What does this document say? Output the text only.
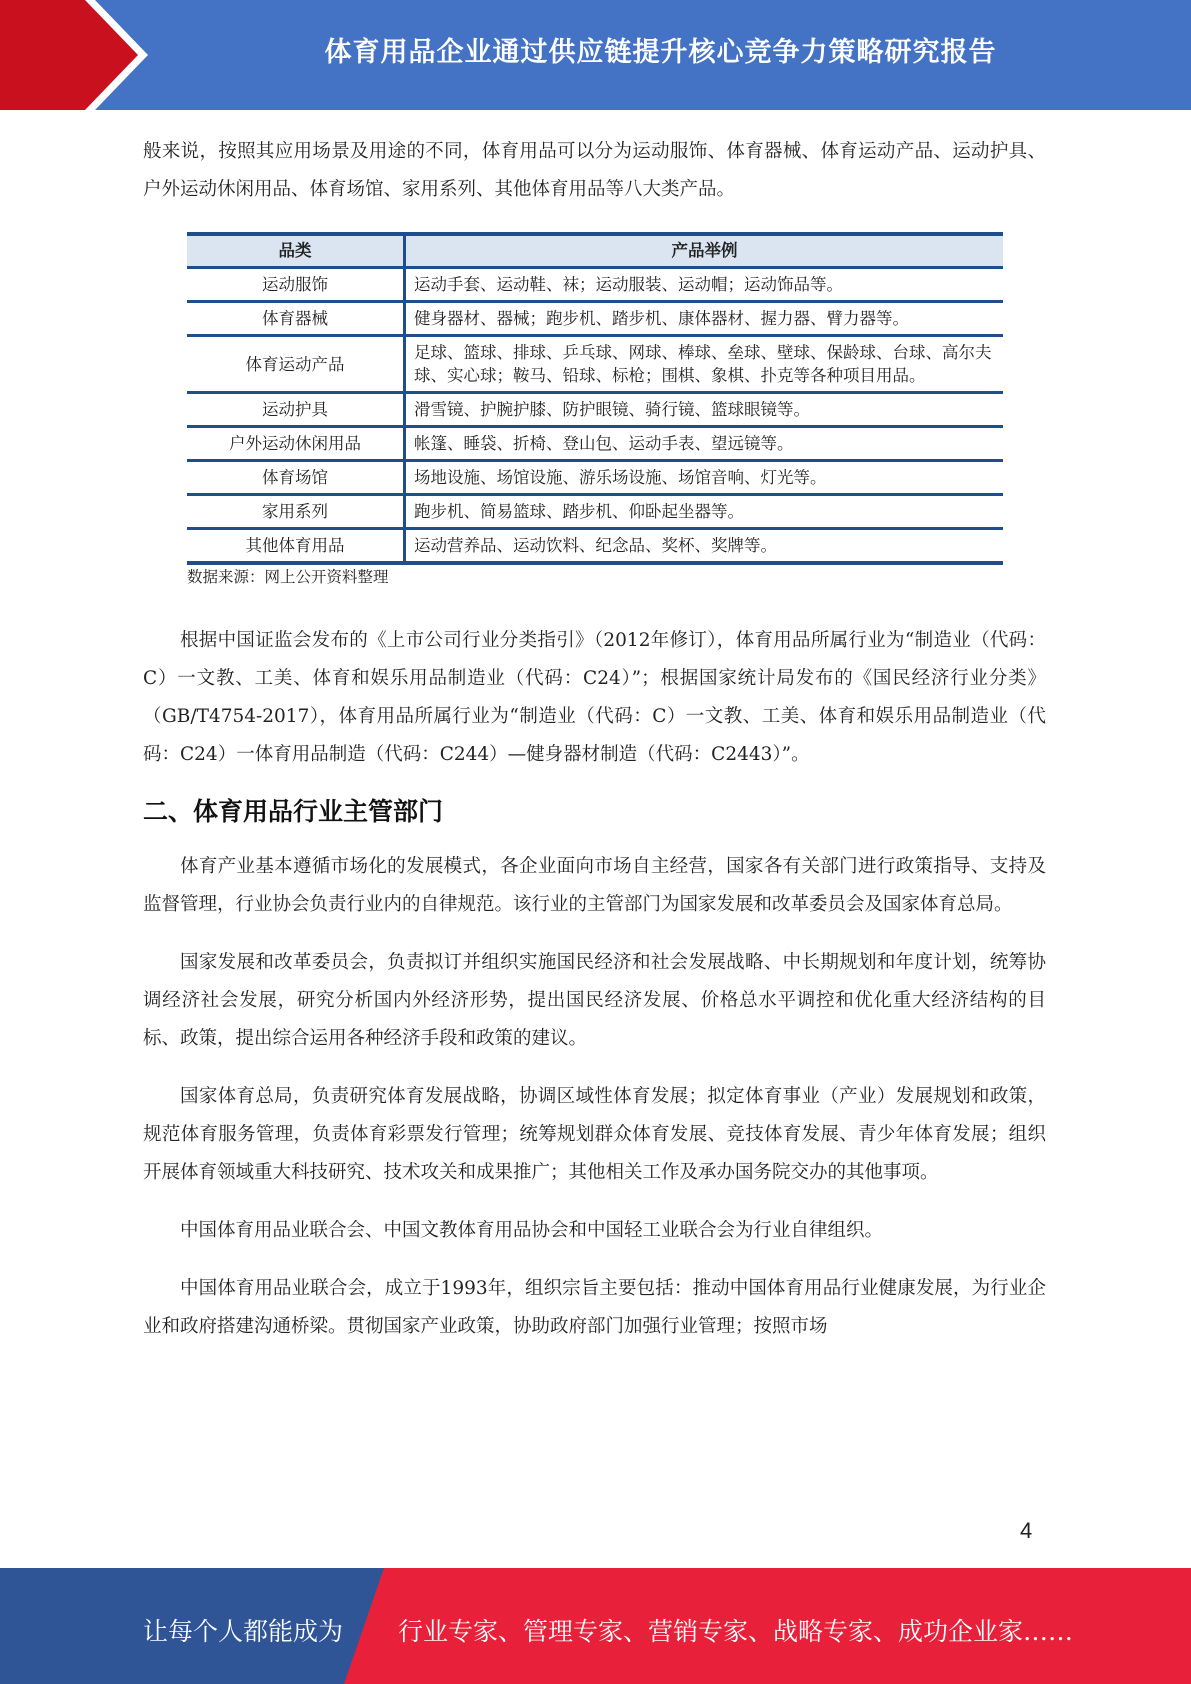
体育用品企业通过供应链提升核心竞争力策略研究报告

般来说，按照其应用场景及用途的不同，体育用品可以分为运动服饰、体育器械、体育运动产品、运动护具、户外运动休闲用品、体育场馆、家用系列、其他体育用品等八大类产品。

品类	产品举例
运动服饰	运动手套、运动鞋、袜；运动服装、运动帽；运动饰品等。
体育器械	健身器材、器械；跑步机、踏步机、康体器材、握力器、臂力器等。
体育运动产品	足球、篮球、排球、乒乓球、网球、棒球、垒球、壁球、保龄球、台球、高尔夫球、实心球；鞍马、铅球、标枪；围棋、象棋、扑克等各种项目用品。
运动护具	滑雪镜、护腕护膝、防护眼镜、骑行镜、篮球眼镜等。
户外运动休闲用品	帐篷、睡袋、折椅、登山包、运动手表、望远镜等。
体育场馆	场地设施、场馆设施、游乐场设施、场馆音响、灯光等。
家用系列	跑步机、简易篮球、踏步机、仰卧起坐器等。
其他体育用品	运动营养品、运动饮料、纪念品、奖杯、奖牌等。
数据来源：网上公开资料整理

根据中国证监会发布的《上市公司行业分类指引》（2012年修订），体育用品所属行业为“制造业（代码：C）一文教、工美、体育和娱乐用品制造业（代码：C24）”；根据国家统计局发布的《国民经济行业分类》（GB/T4754-2017），体育用品所属行业为“制造业（代码：C）一文教、工美、体育和娱乐用品制造业（代码：C24）一体育用品制造（代码：C244）—健身器材制造（代码：C2443）”。

二、体育用品行业主管部门

体育产业基本遵循市场化的发展模式，各企业面向市场自主经营，国家各有关部门进行政策指导、支持及监督管理，行业协会负责行业内的自律规范。该行业的主管部门为国家发展和改革委员会及国家体育总局。

国家发展和改革委员会，负责拟订并组织实施国民经济和社会发展战略、中长期规划和年度计划，统筹协调经济社会发展，研究分析国内外经济形势，提出国民经济发展、价格总水平调控和优化重大经济结构的目标、政策，提出综合运用各种经济手段和政策的建议。

国家体育总局，负责研究体育发展战略，协调区域性体育发展；拟定体育事业（产业）发展规划和政策，规范体育服务管理，负责体育彩票发行管理；统筹规划群众体育发展、竞技体育发展、青少年体育发展；组织开展体育领域重大科技研究、技术攻关和成果推广；其他相关工作及承办国务院交办的其他事项。

中国体育用品业联合会、中国文教体育用品协会和中国轻工业联合会为行业自律组织。

中国体育用品业联合会，成立于1993年，组织宗旨主要包括：推动中国体育用品行业健康发展，为行业企业和政府搭建沟通桥梁。贯彻国家产业政策，协助政府部门加强行业管理；按照市场

4
让每个人都能成为 行业专家、管理专家、营销专家、战略专家、成功企业家……
